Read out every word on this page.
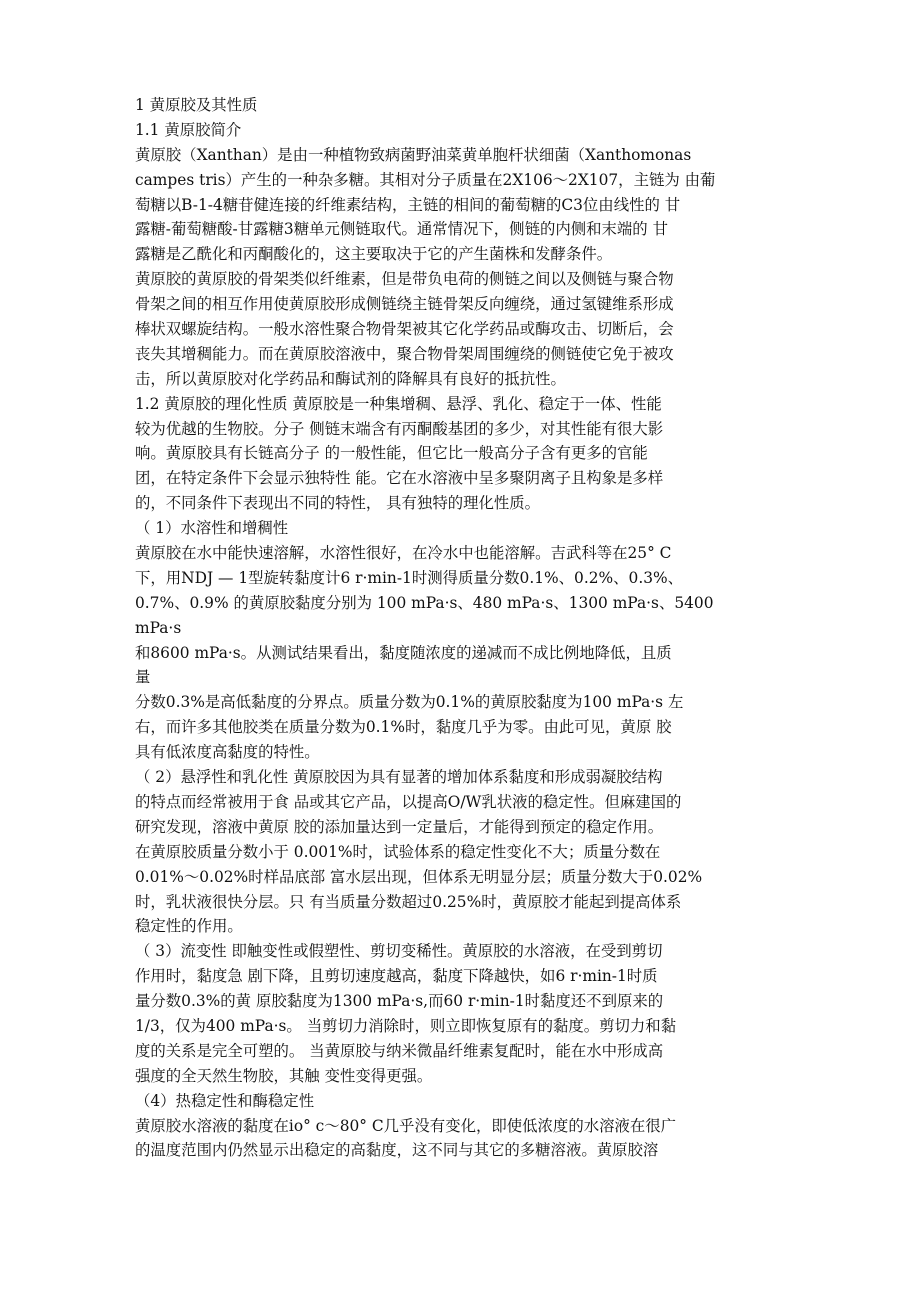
1 黄原胶及其性质
1.1 黄原胶简介
黄原胶（Xanthan）是由一种植物致病菌野油菜黄单胞杆状细菌（Xanthomonas
campes tris）产生的一种杂多糖。其相对分子质量在2X106～2X107，主链为 由葡
萄糖以B-1-4糖苷健连接的纤维素结构，主链的相间的葡萄糖的C3位由线性的 甘
露糖-葡萄糖酸-甘露糖3糖单元侧链取代。通常情况下，侧链的内侧和末端的 甘
露糖是乙酰化和丙酮酸化的，这主要取决于它的产生菌株和发酵条件。
黄原胶的黄原胶的骨架类似纤维素，但是带负电荷的侧链之间以及侧链与聚合物
骨架之间的相互作用使黄原胶形成侧链绕主链骨架反向缠绕，通过氢键维系形成
棒状双螺旋结构。一般水溶性聚合物骨架被其它化学药品或酶攻击、切断后，会
丧失其增稠能力。而在黄原胶溶液中，聚合物骨架周围缠绕的侧链使它免于被攻
击，所以黄原胶对化学药品和酶试剂的降解具有良好的抵抗性。
1.2 黄原胶的理化性质 黄原胶是一种集增稠、悬浮、乳化、稳定于一体、性能
较为优越的生物胶。分子 侧链末端含有丙酮酸基团的多少，对其性能有很大影
响。黄原胶具有长链高分子 的一般性能，但它比一般高分子含有更多的官能
团，在特定条件下会显示独特性 能。它在水溶液中呈多聚阴离子且构象是多样
的，不同条件下表现出不同的特性， 具有独特的理化性质。
（ 1）水溶性和增稠性
黄原胶在水中能快速溶解，水溶性很好，在冷水中也能溶解。吉武科等在25° C
下，用NDJ — 1型旋转黏度计6 r·min-1时测得质量分数0.1%、0.2%、0.3%、
0.7%、0.9% 的黄原胶黏度分别为 100 mPa·s、480 mPa·s、1300 mPa·s、5400
mPa·s
和8600 mPa·s。从测试结果看出，黏度随浓度的递减而不成比例地降低，且质
量
分数0.3%是高低黏度的分界点。质量分数为0.1%的黄原胶黏度为100 mPa·s 左
右，而许多其他胶类在质量分数为0.1%时，黏度几乎为零。由此可见，黄原 胶
具有低浓度高黏度的特性。
（ 2）悬浮性和乳化性 黄原胶因为具有显著的增加体系黏度和形成弱凝胶结构
的特点而经常被用于食 品或其它产品，以提高O/W乳状液的稳定性。但麻建国的
研究发现，溶液中黄原 胶的添加量达到一定量后，才能得到预定的稳定作用。
在黄原胶质量分数小于 0.001%时，试验体系的稳定性变化不大；质量分数在
0.01%～0.02%时样品底部 富水层出现，但体系无明显分层；质量分数大于0.02%
时，乳状液很快分层。只 有当质量分数超过0.25%时，黄原胶才能起到提高体系
稳定性的作用。
（ 3）流变性 即触变性或假塑性、剪切变稀性。黄原胶的水溶液，在受到剪切
作用时，黏度急 剧下降，且剪切速度越高，黏度下降越快，如6 r·min-1时质
量分数0.3%的黄 原胶黏度为1300 mPa·s,而60 r·min-1时黏度还不到原来的
1/3，仅为400 mPa·s。 当剪切力消除时，则立即恢复原有的黏度。剪切力和黏
度的关系是完全可塑的。 当黄原胶与纳米微晶纤维素复配时，能在水中形成高
强度的全天然生物胶，其触 变性变得更强。
（4）热稳定性和酶稳定性
黄原胶水溶液的黏度在io° c～80° C几乎没有变化，即使低浓度的水溶液在很广
的温度范围内仍然显示出稳定的高黏度，这不同与其它的多糖溶液。黄原胶溶
